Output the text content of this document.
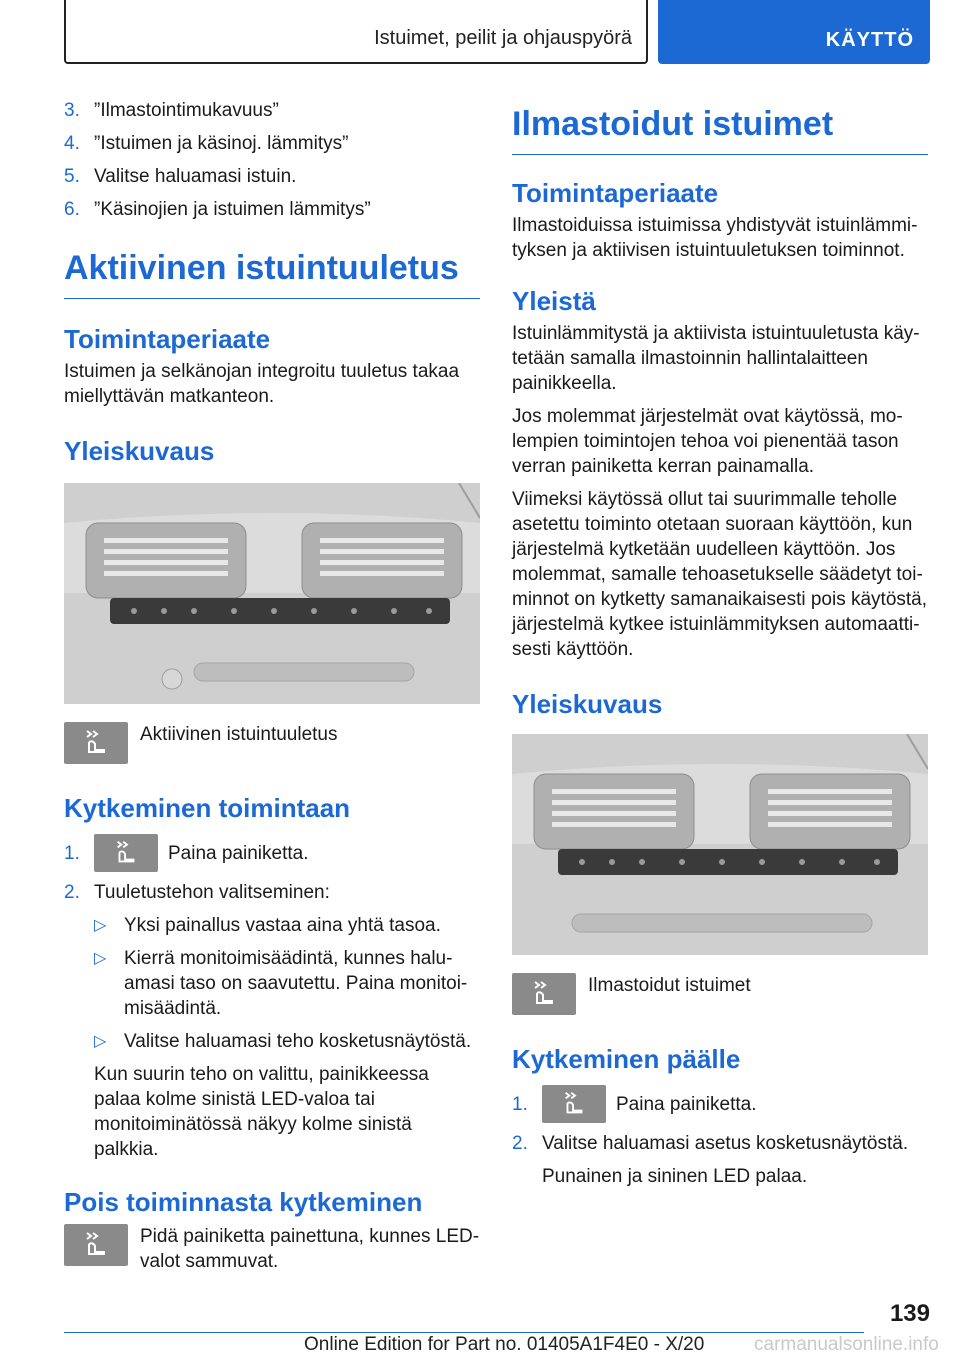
Istuimet, peilit ja ohjauspyörä	KÄYTTÖ
3. ”Ilmastointimukavuus”
4. ”Istuimen ja käsinoj. lämmitys”
5. Valitse haluamasi istuin.
6. ”Käsinojien ja istuimen lämmitys”
Aktiivinen istuintuuletus
Toimintaperiaate

Istuimen ja selkänojan integroitu tuuletus takaa miellyttävän matkanteon.

Yleiskuvaus
Aktiivinen istuintuuletus
Kytkeminen toimintaan
1.	Paina painiketta.
2. Tuuletustehon valitseminen:
▷ Yksi painallus vastaa aina yhtä tasoa.
▷ Kierrä monitoimisäädintä, kunnes haluamasi taso on saavutettu. Paina monitoimisäädintä.
▷ Valitse haluamasi teho kosketusnäytöstä.

Kun suurin teho on valittu, painikkeessa palaa kolme sinistä LED-valoa tai monitoiminätössä näkyy kolme sinistä palkkia.

Pois toiminnasta kytkeminen
Pidä painiketta painettuna, kunnes LED-valot sammuvat.
Ilmastoidut istuimet
Toimintaperiaate

Ilmastoiduissa istuimissa yhdistyvät istuinlämmityksen ja aktiivisen istuintuuletuksen toiminnot.

Yleistä

Istuinlämmitystä ja aktiivista istuintuuletusta käytetään samalla ilmastoinnin hallintalaitteen painikkeella.

Jos molemmat järjestelmät ovat käytössä, molempien toimintojen tehoa voi pienentää tason verran painiketta kerran painamalla.

Viimeksi käytössä ollut tai suurimmalle teholle asetettu toiminto otetaan suoraan käyttöön, kun järjestelmä kytketään uudelleen käyttöön. Jos molemmat, samalle tehoasetukselle säädetyt toiminnot on kytketty samanaikaisesti pois käytöstä, järjestelmä kytkee istuinlämmityksen automaattisesti käyttöön.

Yleiskuvaus
Ilmastoidut istuimet
Kytkeminen päälle
1.	Paina painiketta.
2. Valitse haluamasi asetus kosketusnäytöstä.

Punainen ja sininen LED palaa.

139
Online Edition for Part no. 01405A1F4E0 - X/20	carmanualsonline.info
